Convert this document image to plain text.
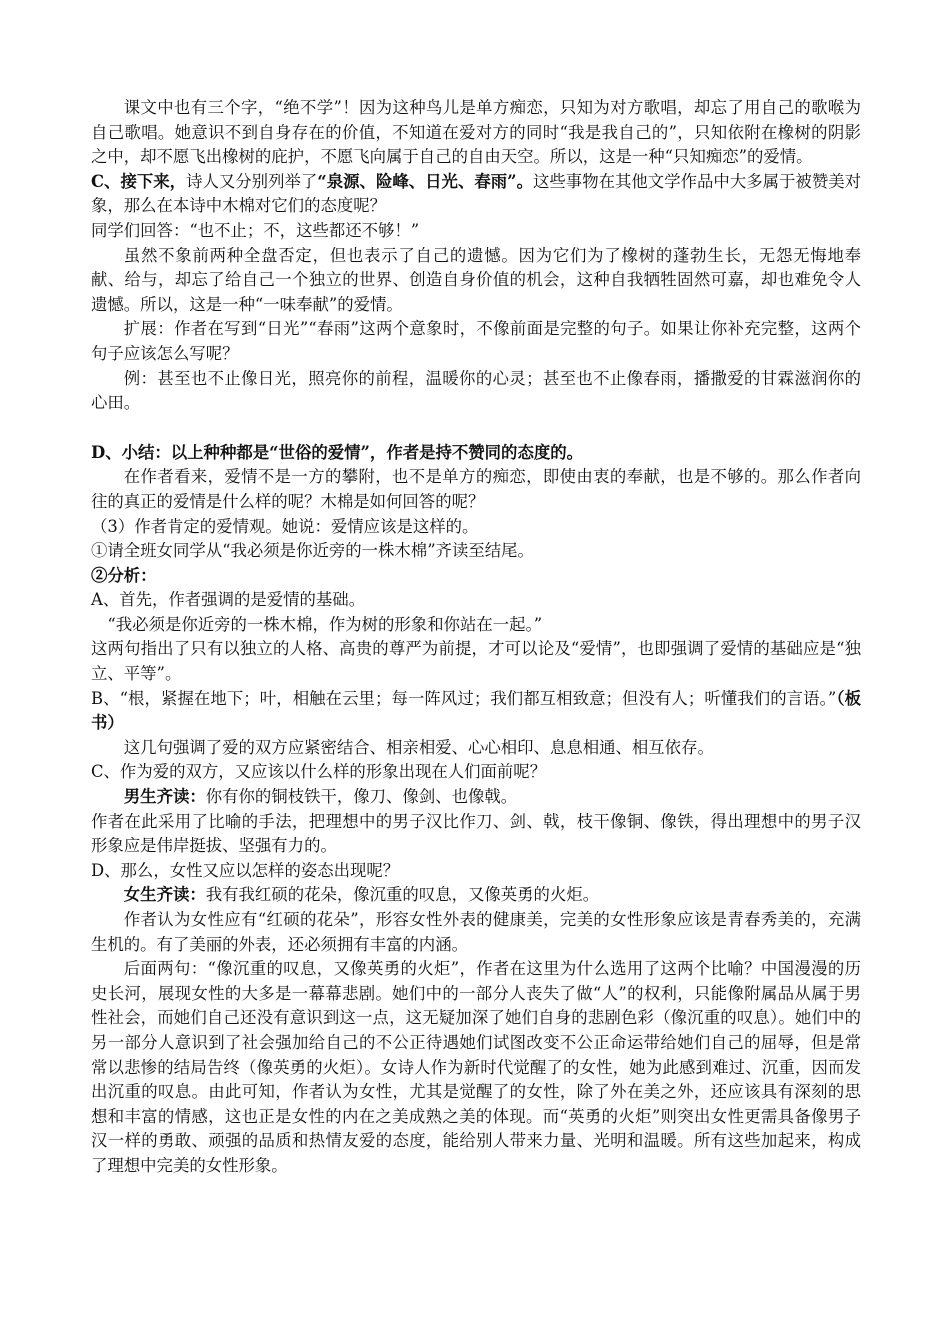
课文中也有三个字，“绝不学”！因为这种鸟儿是单方痴恋，只知为对方歌唱，却忘了用自己的歌喉为自己歌唱。她意识不到自身存在的价值，不知道在爱对方的同时“我是我自己的”，只知依附在橡树的阴影之中，却不愿飞出橡树的庇护，不愿飞向属于自己的自由天空。所以，这是一种“只知痴恋”的爱情。

C、接下来，诗人又分别列举了“泉源、险峰、日光、春雨”。这些事物在其他文学作品中大多属于被赞美对象，那么在本诗中木棉对它们的态度呢？

同学们回答：“也不止；不，这些都还不够！”

虽然不象前两种全盘否定，但也表示了自己的遗憾。因为它们为了橡树的蓬勃生长，无怨无悔地奉献、给与，却忘了给自己一个独立的世界、创造自身价值的机会，这种自我牺牲固然可嘉，却也难免令人遗憾。所以，这是一种“一味奉献”的爱情。

扩展：作者在写到“日光”“春雨”这两个意象时，不像前面是完整的句子。如果让你补充完整，这两个句子应该怎么写呢？

例：甚至也不止像日光，照亮你的前程，温暖你的心灵；甚至也不止像春雨，播撒爱的甘霖滋润你的心田。

D、小结：以上种种都是“世俗的爱情”，作者是持不赞同的态度的。

在作者看来，爱情不是一方的攀附，也不是单方的痴恋，即使由衷的奉献，也是不够的。那么作者向往的真正的爱情是什么样的呢？木棉是如何回答的呢？

（3）作者肯定的爱情观。她说：爱情应该是这样的。

①请全班女同学从“我必须是你近旁的一株木棉”齐读至结尾。

②分析：

A、首先，作者强调的是爱情的基础。

“我必须是你近旁的一株木棉，作为树的形象和你站在一起。”

这两句指出了只有以独立的人格、高贵的尊严为前提，才可以论及“爱情”，也即强调了爱情的基础应是“独立、平等”。

B、“根，紧握在地下；叶，相触在云里；每一阵风过；我们都互相致意；但没有人；听懂我们的言语。”（板书）

这几句强调了爱的双方应紧密结合、相亲相爱、心心相印、息息相通、相互依存。

C、作为爱的双方，又应该以什么样的形象出现在人们面前呢？

男生齐读：你有你的铜枝铁干，像刀、像剑、也像戟。

作者在此采用了比喻的手法，把理想中的男子汉比作刀、剑、戟，枝干像铜、像铁，得出理想中的男子汉形象应是伟岸挺拔、坚强有力的。

D、那么，女性又应以怎样的姿态出现呢？

女生齐读：我有我红硕的花朵，像沉重的叹息，又像英勇的火炬。

作者认为女性应有“红硕的花朵”，形容女性外表的健康美，完美的女性形象应该是青春秀美的，充满生机的。有了美丽的外表，还必须拥有丰富的内涵。

后面两句：“像沉重的叹息，又像英勇的火炬”，作者在这里为什么选用了这两个比喻？中国漫漫的历史长河，展现女性的大多是一幕幕悲剧。她们中的一部分人丧失了做“人”的权利，只能像附属品从属于男性社会，而她们自己还没有意识到这一点，这无疑加深了她们自身的悲剧色彩（像沉重的叹息）。她们中的另一部分人意识到了社会强加给自己的不公正待遇她们试图改变不公正命运带给她们自己的屈辱，但是常常以悲惨的结局告终（像英勇的火炬）。女诗人作为新时代觉醒了的女性，她为此感到难过、沉重，因而发出沉重的叹息。由此可知，作者认为女性，尤其是觉醒了的女性，除了外在美之外，还应该具有深刻的思想和丰富的情感，这也正是女性的内在之美成熟之美的体现。而“英勇的火炬”则突出女性更需具备像男子汉一样的勇敢、顽强的品质和热情友爱的态度，能给别人带来力量、光明和温暖。所有这些加起来，构成了理想中完美的女性形象。
